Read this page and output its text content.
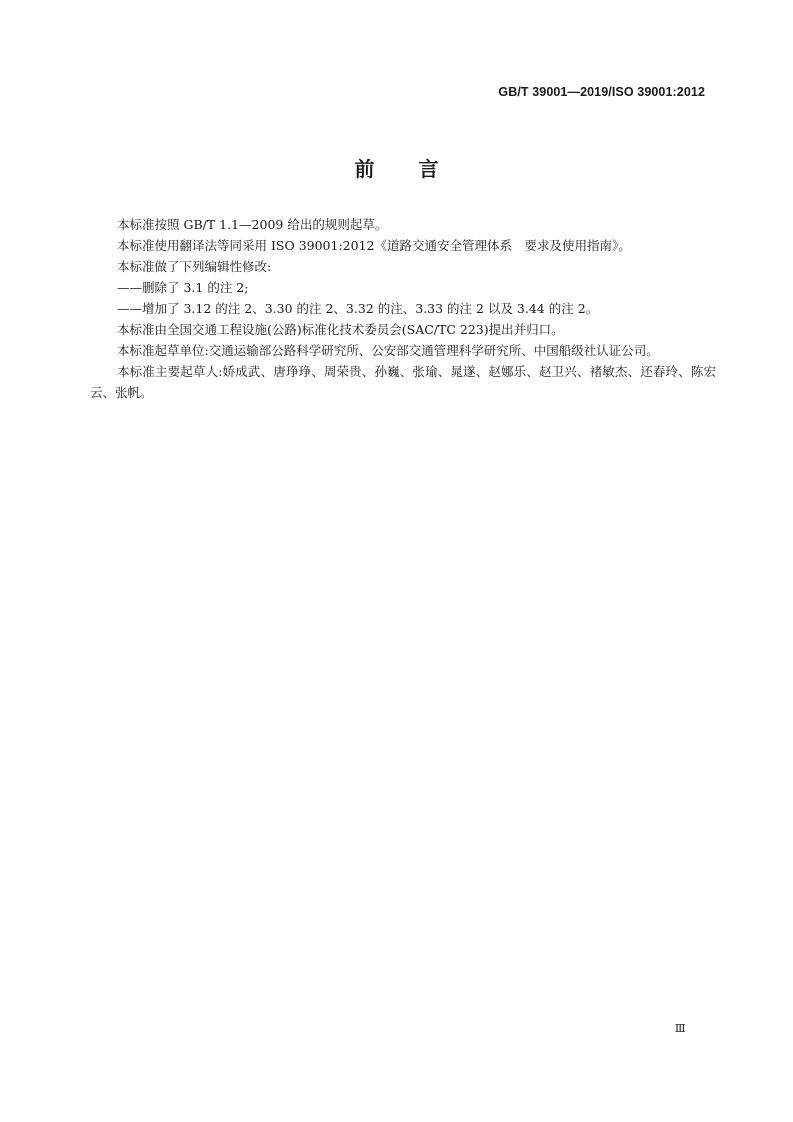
GB/T 39001—2019/ISO 39001:2012
前言

本标准按照 GB/T 1.1—2009 给出的规则起草。

本标准使用翻译法等同采用 ISO 39001:2012《道路交通安全管理体系　要求及使用指南》。

本标准做了下列编辑性修改:

——删除了 3.1 的注 2;

——增加了 3.12 的注 2、3.30 的注 2、3.32 的注、3.33 的注 2 以及 3.44 的注 2。

本标准由全国交通工程设施(公路)标准化技术委员会(SAC/TC 223)提出并归口。

本标准起草单位:交通运输部公路科学研究所、公安部交通管理科学研究所、中国船级社认证公司。

本标准主要起草人:娇成武、唐琤琤、周荣贵、孙巍、张瑜、晁遂、赵娜乐、赵卫兴、褚敏杰、还春玲、陈宏云、张帆。

Ⅲ
